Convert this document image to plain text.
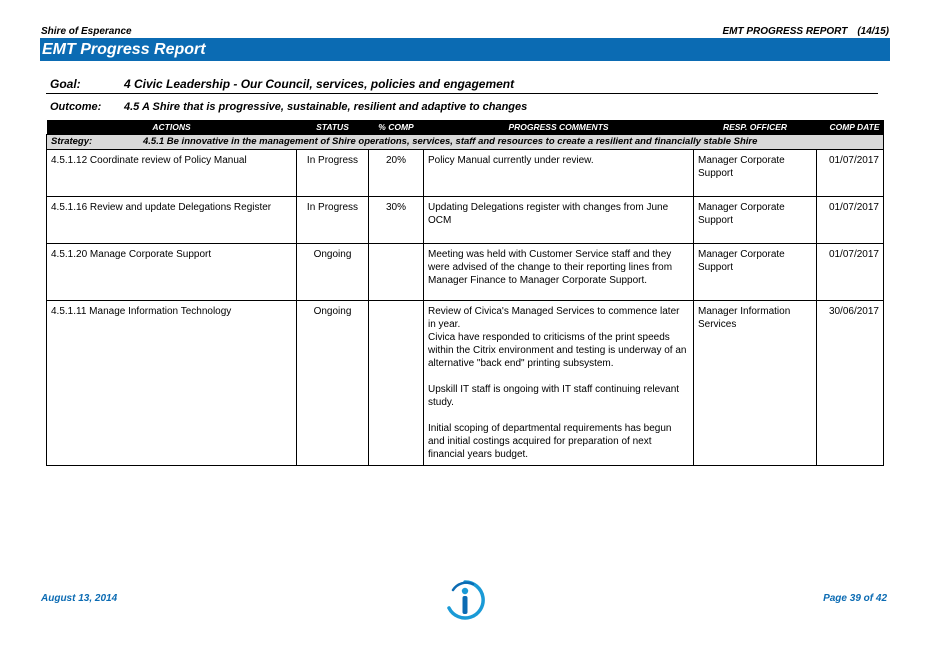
Shire of Esperance	EMT PROGRESS REPORT (14/15)
EMT Progress Report
Goal:	4 Civic Leadership - Our Council, services, policies and engagement
Outcome: 4.5 A Shire that is progressive, sustainable, resilient and adaptive to changes
ACTIONS	STATUS	% COMP	PROGRESS COMMENTS	RESP. OFFICER	COMP DATE
Strategy: 4.5.1 Be innovative in the management of Shire operations, services, staff and resources to create a resilient and financially stable Shire					
4.5.1.12 Coordinate review of Policy Manual	In Progress	20%	Policy Manual currently under review.	Manager Corporate Support	01/07/2017
4.5.1.16 Review and update Delegations Register	In Progress	30%	Updating Delegations register with changes from June OCM	Manager Corporate Support	01/07/2017
4.5.1.20 Manage Corporate Support	Ongoing		Meeting was held with Customer Service staff and they were advised of the change to their reporting lines from Manager Finance to Manager Corporate Support.	Manager Corporate Support	01/07/2017
4.5.1.11 Manage Information Technology	Ongoing		Review of Civica's Managed Services to commence later in year.
Civica have responded to criticisms of the print speeds within the Citrix environment and testing is underway of an alternative "back end" printing subsystem.
Upskill IT staff is ongoing with IT staff continuing relevant study.
Initial scoping of departmental requirements has begun and initial costings acquired for preparation of next financial years budget.	Manager Information Services	30/06/2017
August 13, 2014	Page 39 of 42
